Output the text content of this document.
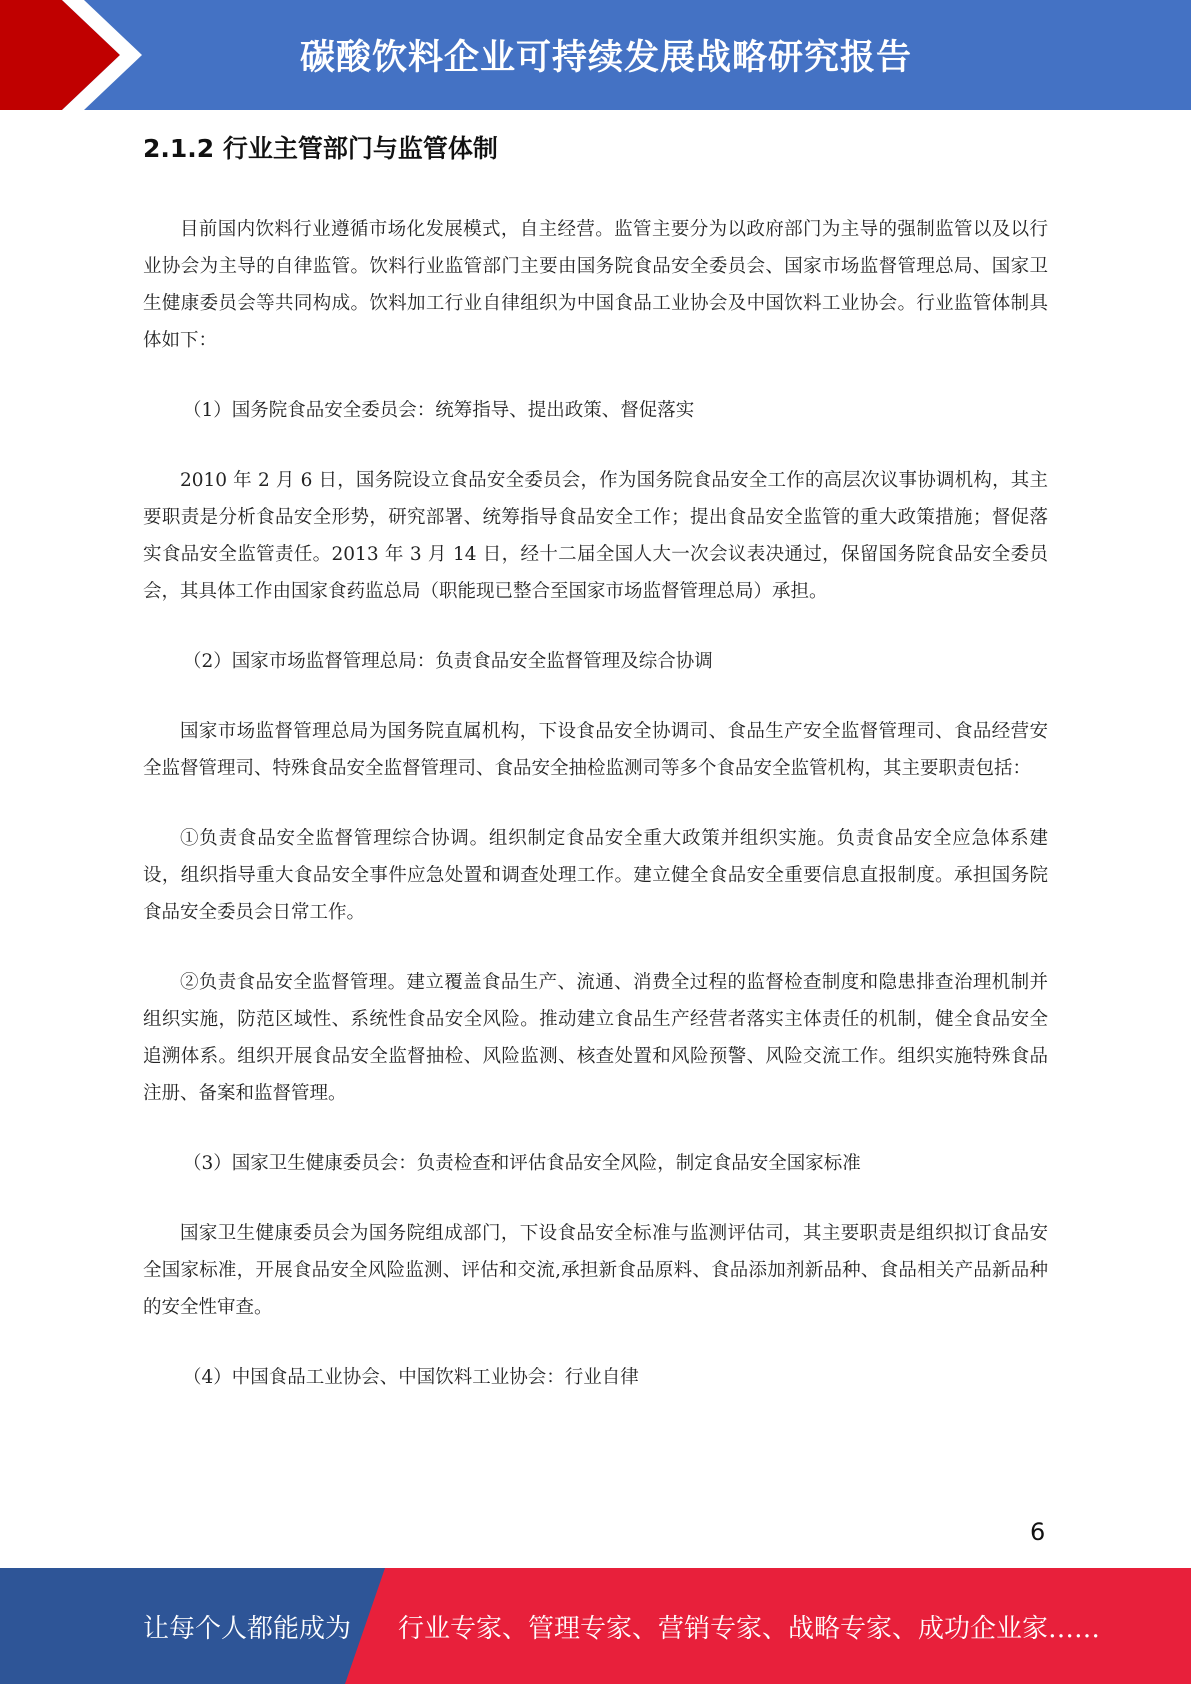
碳酸饮料企业可持续发展战略研究报告
2.1.2 行业主管部门与监管体制

目前国内饮料行业遵循市场化发展模式，自主经营。监管主要分为以政府部门为主导的强制监管以及以行业协会为主导的自律监管。饮料行业监管部门主要由国务院食品安全委员会、国家市场监督管理总局、国家卫生健康委员会等共同构成。饮料加工行业自律组织为中国食品工业协会及中国饮料工业协会。行业监管体制具体如下：

（1）国务院食品安全委员会：统筹指导、提出政策、督促落实

2010 年 2 月 6 日，国务院设立食品安全委员会，作为国务院食品安全工作的高层次议事协调机构，其主要职责是分析食品安全形势，研究部署、统筹指导食品安全工作；提出食品安全监管的重大政策措施；督促落实食品安全监管责任。2013 年 3 月 14 日，经十二届全国人大一次会议表决通过，保留国务院食品安全委员会，其具体工作由国家食药监总局（职能现已整合至国家市场监督管理总局）承担。

（2）国家市场监督管理总局：负责食品安全监督管理及综合协调

国家市场监督管理总局为国务院直属机构，下设食品安全协调司、食品生产安全监督管理司、食品经营安全监督管理司、特殊食品安全监督管理司、食品安全抽检监测司等多个食品安全监管机构，其主要职责包括：

①负责食品安全监督管理综合协调。组织制定食品安全重大政策并组织实施。负责食品安全应急体系建设，组织指导重大食品安全事件应急处置和调查处理工作。建立健全食品安全重要信息直报制度。承担国务院食品安全委员会日常工作。

②负责食品安全监督管理。建立覆盖食品生产、流通、消费全过程的监督检查制度和隐患排查治理机制并组织实施，防范区域性、系统性食品安全风险。推动建立食品生产经营者落实主体责任的机制，健全食品安全追溯体系。组织开展食品安全监督抽检、风险监测、核查处置和风险预警、风险交流工作。组织实施特殊食品注册、备案和监督管理。

（3）国家卫生健康委员会：负责检查和评估食品安全风险，制定食品安全国家标准

国家卫生健康委员会为国务院组成部门，下设食品安全标准与监测评估司，其主要职责是组织拟订食品安全国家标准，开展食品安全风险监测、评估和交流,承担新食品原料、食品添加剂新品种、食品相关产品新品种的安全性审查。

（4）中国食品工业协会、中国饮料工业协会：行业自律

6
让每个人都能成为 行业专家、管理专家、营销专家、战略专家、成功企业家……
